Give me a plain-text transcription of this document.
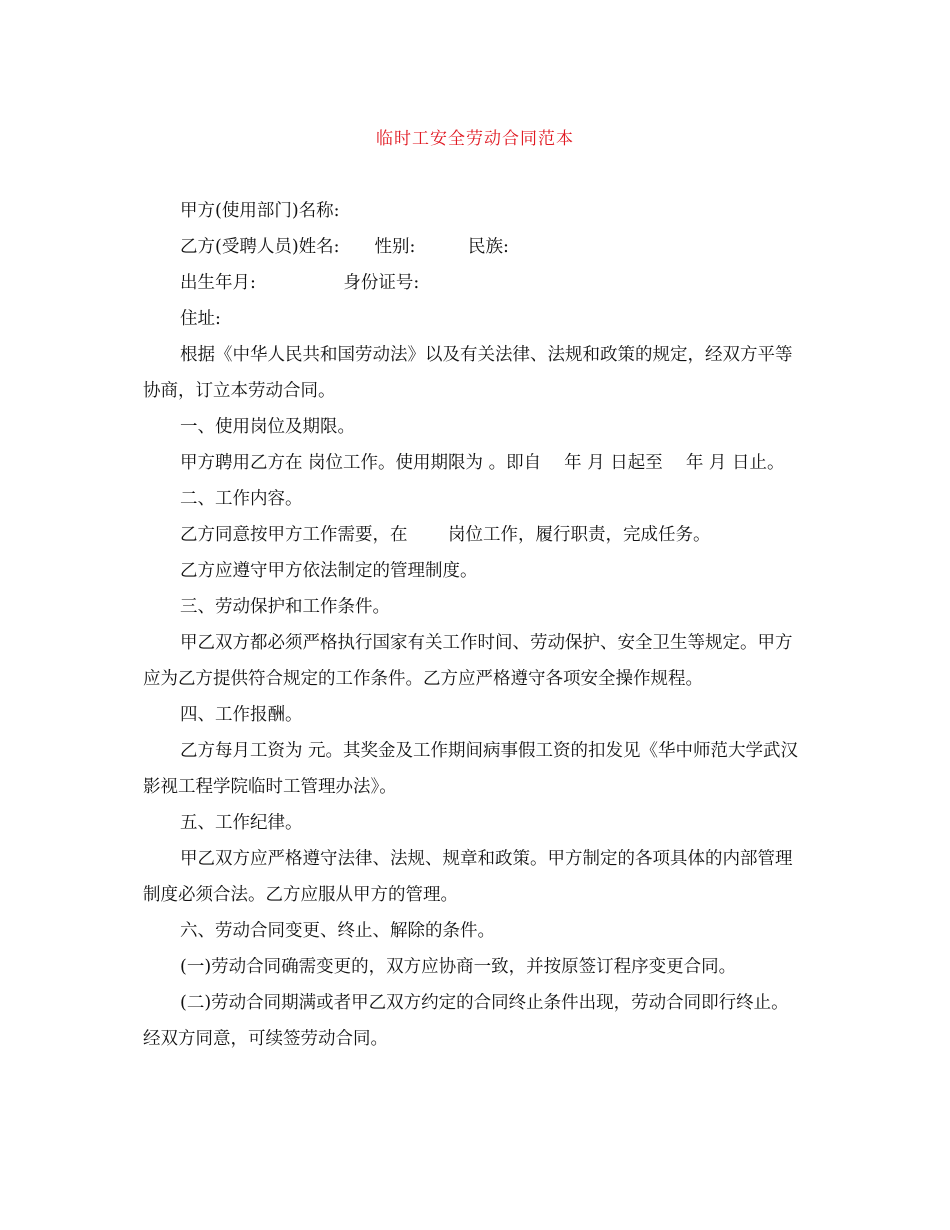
临时工安全劳动合同范本

甲方(使用部门)名称:

乙方(受聘人员)姓名:　　性别:　　　民族:

出生年月:　　　　　身份证号:

住址:

根据《中华人民共和国劳动法》以及有关法律、法规和政策的规定，经双方平等协商，订立本劳动合同。

一、使用岗位及期限。

甲方聘用乙方在 岗位工作。使用期限为 。即自　 年 月 日起至　 年 月 日止。

二、工作内容。

乙方同意按甲方工作需要，在　　 岗位工作，履行职责，完成任务。

乙方应遵守甲方依法制定的管理制度。

三、劳动保护和工作条件。

甲乙双方都必须严格执行国家有关工作时间、劳动保护、安全卫生等规定。甲方应为乙方提供符合规定的工作条件。乙方应严格遵守各项安全操作规程。

四、工作报酬。

乙方每月工资为 元。其奖金及工作期间病事假工资的扣发见《华中师范大学武汉影视工程学院临时工管理办法》。

五、工作纪律。

甲乙双方应严格遵守法律、法规、规章和政策。甲方制定的各项具体的内部管理制度必须合法。乙方应服从甲方的管理。

六、劳动合同变更、终止、解除的条件。

(一)劳动合同确需变更的，双方应协商一致，并按原签订程序变更合同。

(二)劳动合同期满或者甲乙双方约定的合同终止条件出现，劳动合同即行终止。经双方同意，可续签劳动合同。
